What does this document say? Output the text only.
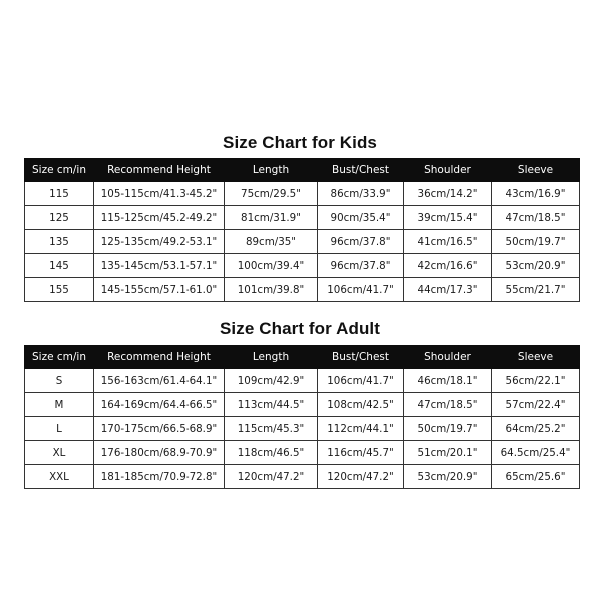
Size Chart for Kids
Size cm/in	Recommend Height	Length	Bust/Chest	Shoulder	Sleeve
115	105-115cm/41.3-45.2"	75cm/29.5"	86cm/33.9"	36cm/14.2"	43cm/16.9"
125	115-125cm/45.2-49.2"	81cm/31.9"	90cm/35.4"	39cm/15.4"	47cm/18.5"
135	125-135cm/49.2-53.1"	89cm/35"	96cm/37.8"	41cm/16.5"	50cm/19.7"
145	135-145cm/53.1-57.1"	100cm/39.4"	96cm/37.8"	42cm/16.6"	53cm/20.9"
155	145-155cm/57.1-61.0"	101cm/39.8"	106cm/41.7"	44cm/17.3"	55cm/21.7"
Size Chart for Adult
Size cm/in	Recommend Height	Length	Bust/Chest	Shoulder	Sleeve
S	156-163cm/61.4-64.1"	109cm/42.9"	106cm/41.7"	46cm/18.1"	56cm/22.1"
M	164-169cm/64.4-66.5"	113cm/44.5"	108cm/42.5"	47cm/18.5"	57cm/22.4"
L	170-175cm/66.5-68.9"	115cm/45.3"	112cm/44.1"	50cm/19.7"	64cm/25.2"
XL	176-180cm/68.9-70.9"	118cm/46.5"	116cm/45.7"	51cm/20.1"	64.5cm/25.4"
XXL	181-185cm/70.9-72.8"	120cm/47.2"	120cm/47.2"	53cm/20.9"	65cm/25.6"
